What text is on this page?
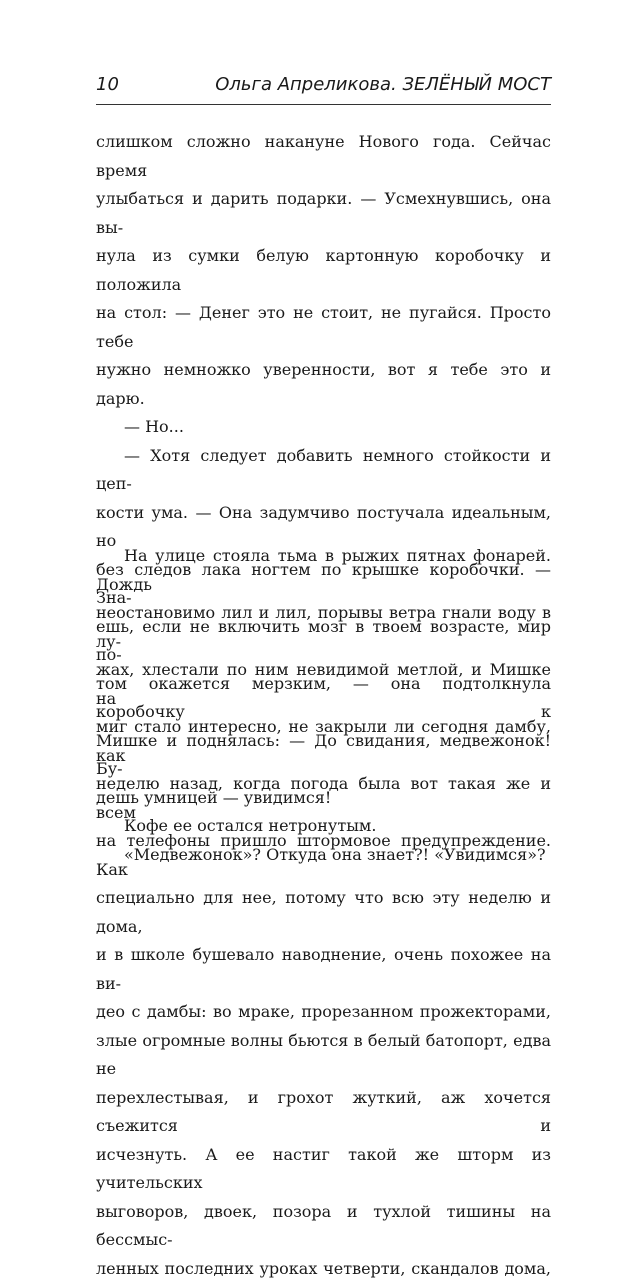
10	Ольга Апреликова. ЗЕЛЁНЫЙ МОСТ

слишком сложно накануне Нового года. Сейчас время

улыбаться и дарить подарки. — Усмехнувшись, она вы-

нула из сумки белую картонную коробочку и положила

на стол: — Денег это не стоит, не пугайся. Просто тебе

нужно немножко уверенности, вот я тебе это и дарю.

— Но...

— Хотя следует добавить немного стойкости и цеп-

кости ума. — Она задумчиво постучала идеальным, но

без следов лака ногтем по крышке коробочки. — Зна-

ешь, если не включить мозг в твоем возрасте, мир по-

том окажется мерзким, — она подтолкнула коробочку к

Мишке и поднялась: — До свидания, медвежонок! Бу-

дешь умницей — увидимся!

Кофе ее остался нетронутым.

«Медвежонок»? Откуда она знает?! «Увидимся»?

На улице стояла тьма в рыжих пятнах фонарей. Дождь

неостановимо лил и лил, порывы ветра гнали воду в лу-

жах, хлестали по ним невидимой метлой, и Мишке на

миг стало интересно, не закрыли ли сегодня дамбу, как

неделю назад, когда погода была вот такая же и всем

на телефоны пришло штормовое предупреждение. Как

специально для нее, потому что всю эту неделю и дома,

и в школе бушевало наводнение, очень похожее на ви-

део с дамбы: во мраке, прорезанном прожекторами,

злые огромные волны бьются в белый батопорт, едва не

перехлестывая, и грохот жуткий, аж хочется съежится и

исчезнуть. А ее настиг такой же шторм из учительских

выговоров, двоек, позора и тухлой тишины на бессмыс-

ленных последних уроках четверти, скандалов дома,
